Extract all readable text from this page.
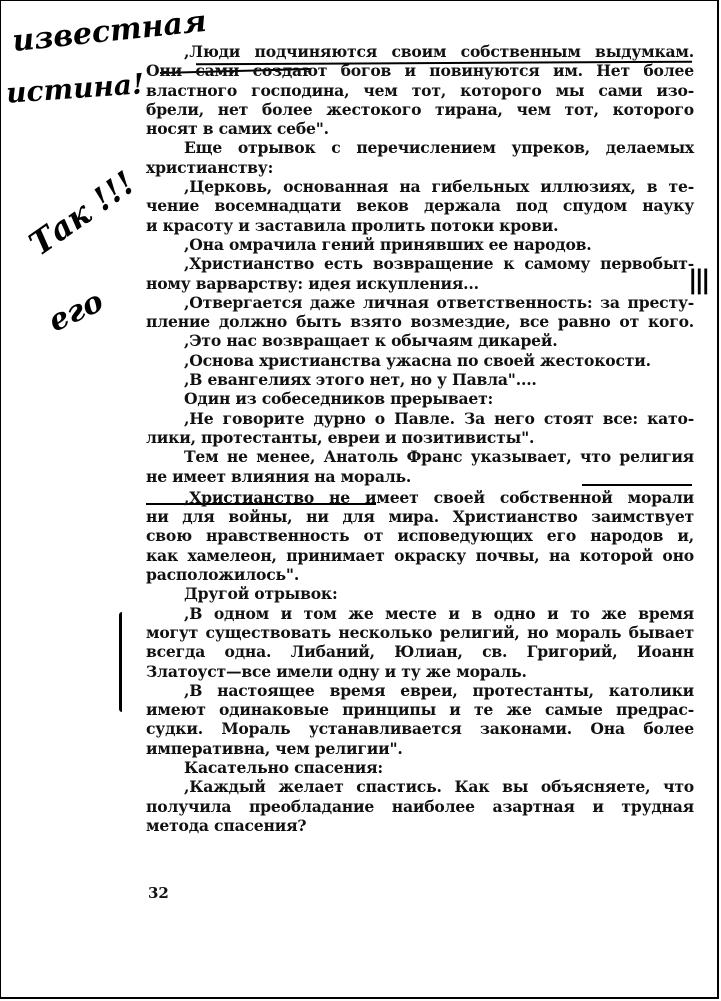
известная
истина!
Так !!!
его
|||
,Люди подчиняются своим собственным выдумкам.
Они сами создают богов и повинуются им. Нет более
властного господина, чем тот, которого мы сами изо-
брели, нет более жестокого тирана, чем тот, которого
носят в самих себе".
Еще отрывок с перечислением упреков, делаемых
христианству:
,Церковь, основанная на гибельных иллюзиях, в те-
чение восемнадцати веков держала под спудом науку
и красоту и заставила пролить потоки крови.
,Она омрачила гений принявших ее народов.
,Христианство есть возвращение к самому первобыт-
ному варварству: идея искупления...
,Отвергается даже личная ответственность: за престу-
пление должно быть взято возмездие, все равно от кого.
,Это нас возвращает к обычаям дикарей.
,Основа христианства ужасна по своей жестокости.
,В евангелиях этого нет, но у Павла"....
Один из собеседников прерывает:
,Не говорите дурно о Павле. За него стоят все: като-
лики, протестанты, евреи и позитивисты".
Тем не менее, Анатоль Франс указывает, что религия
не имеет влияния на мораль.
,Христианство не имеет своей собственной морали
ни для войны, ни для мира. Христианство заимствует
свою нравственность от исповедующих его народов и,
как хамелеон, принимает окраску почвы, на которой оно
расположилось".
Другой отрывок:
,В одном и том же месте и в одно и то же время
могут существовать несколько религий, но мораль бывает
всегда одна. Либаний, Юлиан, св. Григорий, Иоанн
Златоуст—все имели одну и ту же мораль.
,В настоящее время евреи, протестанты, католики
имеют одинаковые принципы и те же самые предрас-
судки. Мораль устанавливается законами. Она более
императивна, чем религии".
Касательно спасения:
,Каждый желает спастись. Как вы объясняете, что
получила преобладание наиболее азартная и трудная
метода спасения?
32
